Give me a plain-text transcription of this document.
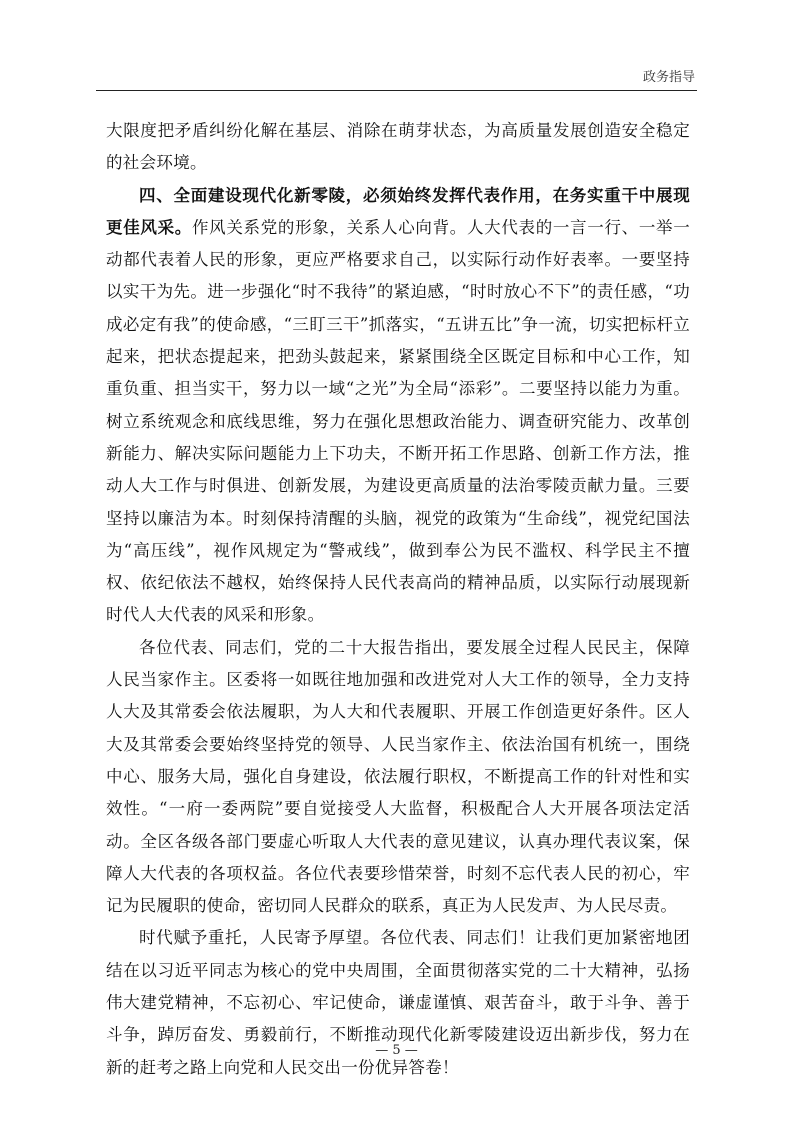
政务指导

大限度把矛盾纠纷化解在基层、消除在萌芽状态，为高质量发展创造安全稳定的社会环境。

四、全面建设现代化新零陵，必须始终发挥代表作用，在务实重干中展现更佳风采。作风关系党的形象，关系人心向背。人大代表的一言一行、一举一动都代表着人民的形象，更应严格要求自己，以实际行动作好表率。一要坚持以实干为先。进一步强化“时不我待”的紧迫感，“时时放心不下”的责任感，“功成必定有我”的使命感，“三盯三干”抓落实，“五讲五比”争一流，切实把标杆立起来，把状态提起来，把劲头鼓起来，紧紧围绕全区既定目标和中心工作，知重负重、担当实干，努力以一域“之光”为全局“添彩”。二要坚持以能力为重。树立系统观念和底线思维，努力在强化思想政治能力、调查研究能力、改革创新能力、解决实际问题能力上下功夫，不断开拓工作思路、创新工作方法，推动人大工作与时俱进、创新发展，为建设更高质量的法治零陵贡献力量。三要坚持以廉洁为本。时刻保持清醒的头脑，视党的政策为“生命线”，视党纪国法为“高压线”，视作风规定为“警戒线”，做到奉公为民不滥权、科学民主不擅权、依纪依法不越权，始终保持人民代表高尚的精神品质，以实际行动展现新时代人大代表的风采和形象。

各位代表、同志们，党的二十大报告指出，要发展全过程人民民主，保障人民当家作主。区委将一如既往地加强和改进党对人大工作的领导，全力支持人大及其常委会依法履职，为人大和代表履职、开展工作创造更好条件。区人大及其常委会要始终坚持党的领导、人民当家作主、依法治国有机统一，围绕中心、服务大局，强化自身建设，依法履行职权，不断提高工作的针对性和实效性。“一府一委两院”要自觉接受人大监督，积极配合人大开展各项法定活动。全区各级各部门要虚心听取人大代表的意见建议，认真办理代表议案，保障人大代表的各项权益。各位代表要珍惜荣誉，时刻不忘代表人民的初心，牢记为民履职的使命，密切同人民群众的联系，真正为人民发声、为人民尽责。

时代赋予重托，人民寄予厚望。各位代表、同志们！让我们更加紧密地团结在以习近平同志为核心的党中央周围，全面贯彻落实党的二十大精神，弘扬伟大建党精神，不忘初心、牢记使命，谦虚谨慎、艰苦奋斗，敢于斗争、善于斗争，踔厉奋发、勇毅前行，不断推动现代化新零陵建设迈出新步伐，努力在新的赶考之路上向党和人民交出一份优异答卷！

— 5 —
